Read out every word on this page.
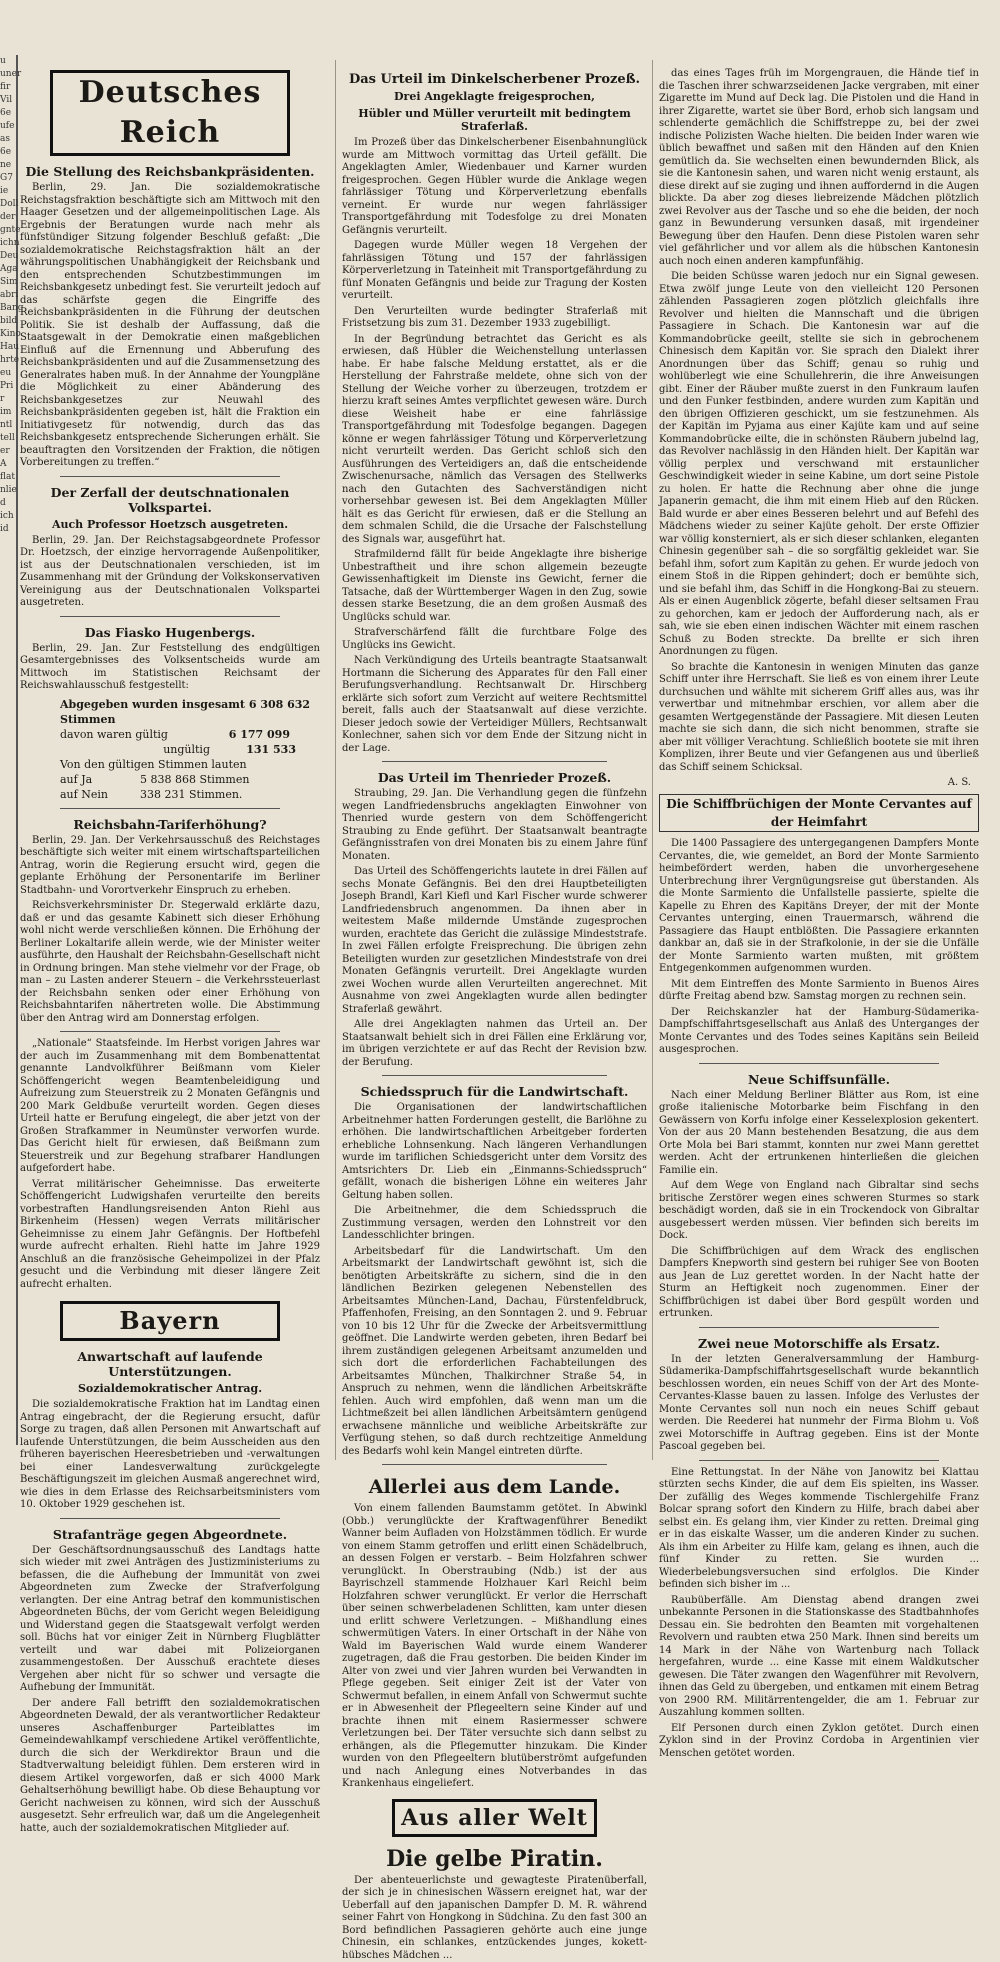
u
uner
fir
Vil
6e
ufe
as
6e
ne
G7
ie
Doll
der
gnte
ichn
Deu
Aga
Sim
abri
Bang
bild
Kino
Hau
hrte
eu
Pri
r im
ntl
tell
er
A
flat
nlie
d
ich
id
Deutsches Reich
Die Stellung des Reichsbankpräsidenten.

Berlin, 29. Jan. Die sozialdemokratische Reichstagsfraktion beschäftigte sich am Mittwoch mit den Haager Gesetzen und der allgemeinpolitischen Lage. Als Ergebnis der Beratungen wurde nach mehr als fünfstündiger Sitzung folgender Beschluß gefaßt: „Die sozialdemokratische Reichstagsfraktion hält an der währungspolitischen Unabhängigkeit der Reichsbank und den entsprechenden Schutzbestimmungen im Reichsbankgesetz unbedingt fest. Sie verurteilt jedoch auf das schärfste gegen die Eingriffe des Reichsbankpräsidenten in die Führung der deutschen Politik. Sie ist deshalb der Auffassung, daß die Staatsgewalt in der Demokratie einen maßgeblichen Einfluß auf die Ernennung und Abberufung des Reichsbankpräsidenten und auf die Zusammensetzung des Generalrates haben muß. In der Annahme der Youngpläne die Möglichkeit zu einer Abänderung des Reichsbankgesetzes zur Neuwahl des Reichsbankpräsidenten gegeben ist, hält die Fraktion ein Initiativgesetz für notwendig, durch das das Reichsbankgesetz entsprechende Sicherungen erhält. Sie beauftragten den Vorsitzenden der Fraktion, die nötigen Vorbereitungen zu treffen.“

Der Zerfall der deutschnationalen Volkspartei.
Auch Professor Hoetzsch ausgetreten.

Berlin, 29. Jan. Der Reichstagsabgeordnete Professor Dr. Hoetzsch, der einzige hervorragende Außenpolitiker, ist aus der Deutschnationalen verschieden, ist im Zusammenhang mit der Gründung der Volkskonservativen Vereinigung aus der Deutschnationalen Volkspartei ausgetreten.

Das Fiasko Hugenbergs.

Berlin, 29. Jan. Zur Feststellung des endgültigen Gesamtergebnisses des Volksentscheids wurde am Mittwoch im Statistischen Reichsamt der Reichswahlausschuß festgestellt:

Abgegeben wurden insgesamt 6 308 632 Stimmen
davon waren gültig	6 177 099
ungültig	131 533
Von den gültigen Stimmen lauten
auf Ja	5 838 868 Stimmen
auf Nein	338 231 Stimmen.
Reichsbahn-Tariferhöhung?

Berlin, 29. Jan. Der Verkehrsausschuß des Reichstages beschäftigte sich weiter mit einem wirtschaftsparteilichen Antrag, worin die Regierung ersucht wird, gegen die geplante Erhöhung der Personentarife im Berliner Stadtbahn- und Vorortverkehr Einspruch zu erheben.

Reichsverkehrsminister Dr. Stegerwald erklärte dazu, daß er und das gesamte Kabinett sich dieser Erhöhung wohl nicht werde verschließen können. Die Erhöhung der Berliner Lokaltarife allein werde, wie der Minister weiter ausführte, den Haushalt der Reichsbahn-Gesellschaft nicht in Ordnung bringen. Man stehe vielmehr vor der Frage, ob man – zu Lasten anderer Steuern – die Verkehrssteuerlast der Reichsbahn senken oder einer Erhöhung von Reichsbahntarifen nähertreten wolle. Die Abstimmung über den Antrag wird am Donnerstag erfolgen.

„Nationale“ Staatsfeinde. Im Herbst vorigen Jahres war der auch im Zusammenhang mit dem Bombenattentat genannte Landvolkführer Beißmann vom Kieler Schöffengericht wegen Beamtenbeleidigung und Aufreizung zum Steuerstreik zu 2 Monaten Gefängnis und 200 Mark Geldbuße verurteilt worden. Gegen dieses Urteil hatte er Berufung eingelegt, die aber jetzt von der Großen Strafkammer in Neumünster verworfen wurde. Das Gericht hielt für erwiesen, daß Beißmann zum Steuerstreik und zur Begehung strafbarer Handlungen aufgefordert habe.

Verrat militärischer Geheimnisse. Das erweiterte Schöffengericht Ludwigshafen verurteilte den bereits vorbestraften Handlungsreisenden Anton Riehl aus Birkenheim (Hessen) wegen Verrats militärischer Geheimnisse zu einem Jahr Gefängnis. Der Hoftbefehl wurde aufrecht erhalten. Riehl hatte im Jahre 1929 Anschluß an die französische Geheimpolizei in der Pfalz gesucht und die Verbindung mit dieser längere Zeit aufrecht erhalten.

Bayern
Anwartschaft auf laufende Unterstützungen.
Sozialdemokratischer Antrag.

Die sozialdemokratische Fraktion hat im Landtag einen Antrag eingebracht, der die Regierung ersucht, dafür Sorge zu tragen, daß allen Personen mit Anwartschaft auf laufende Unterstützungen, die beim Ausscheiden aus den früheren bayerischen Heeresbetrieben und -verwaltungen bei einer Landesverwaltung zurückgelegte Beschäftigungszeit im gleichen Ausmaß angerechnet wird, wie dies in dem Erlasse des Reichsarbeitsministers vom 10. Oktober 1929 geschehen ist.

Strafanträge gegen Abgeordnete.

Der Geschäftsordnungsausschuß des Landtags hatte sich wieder mit zwei Anträgen des Justizministeriums zu befassen, die die Aufhebung der Immunität von zwei Abgeordneten zum Zwecke der Strafverfolgung verlangten. Der eine Antrag betraf den kommunistischen Abgeordneten Büchs, der vom Gericht wegen Beleidigung und Widerstand gegen die Staatsgewalt verfolgt werden soll. Büchs hat vor einiger Zeit in Nürnberg Flugblätter verteilt und war dabei mit Polizeiorganen zusammengestoßen. Der Ausschuß erachtete dieses Vergehen aber nicht für so schwer und versagte die Aufhebung der Immunität.

Der andere Fall betrifft den sozialdemokratischen Abgeordneten Dewald, der als verantwortlicher Redakteur unseres Aschaffenburger Parteiblattes im Gemeindewahlkampf verschiedene Artikel veröffentlichte, durch die sich der Werkdirektor Braun und die Stadtverwaltung beleidigt fühlen. Dem ersteren wird in diesem Artikel vorgeworfen, daß er sich 4000 Mark Gehaltserhöhung bewilligt habe. Ob diese Behauptung vor Gericht nachweisen zu können, wird sich der Ausschuß ausgesetzt. Sehr erfreulich war, daß um die Angelegenheit hatte, auch der sozialdemokratischen Mitglieder auf.

Das Urteil im Dinkelscherbener Prozeß.
Drei Angeklagte freigesprochen,
Hübler und Müller verurteilt mit bedingtem Straferlaß.

Im Prozeß über das Dinkelscherbener Eisenbahnunglück wurde am Mittwoch vormittag das Urteil gefällt. Die Angeklagten Amler, Wiedenbauer und Karner wurden freigesprochen. Gegen Hübler wurde die Anklage wegen fahrlässiger Tötung und Körperverletzung ebenfalls verneint. Er wurde nur wegen fahrlässiger Transportgefährdung mit Todesfolge zu drei Monaten Gefängnis verurteilt.

Dagegen wurde Müller wegen 18 Vergehen der fahrlässigen Tötung und 157 der fahrlässigen Körperverletzung in Tateinheit mit Transportgefährdung zu fünf Monaten Gefängnis und beide zur Tragung der Kosten verurteilt.

Den Verurteilten wurde bedingter Straferlaß mit Fristsetzung bis zum 31. Dezember 1933 zugebilligt.

In der Begründung betrachtet das Gericht es als erwiesen, daß Hübler die Weichenstellung unterlassen habe. Er habe falsche Meldung erstattet, als er die Herstellung der Fahrstraße meldete, ohne sich von der Stellung der Weiche vorher zu überzeugen, trotzdem er hierzu kraft seines Amtes verpflichtet gewesen wäre. Durch diese Weisheit habe er eine fahrlässige Transportgefährdung mit Todesfolge begangen. Dagegen könne er wegen fahrlässiger Tötung und Körperverletzung nicht verurteilt werden. Das Gericht schloß sich den Ausführungen des Verteidigers an, daß die entscheidende Zwischenursache, nämlich das Versagen des Stellwerks nach den Gutachten des Sachverständigen nicht vorhersehbar gewesen ist. Bei dem Angeklagten Müller hält es das Gericht für erwiesen, daß er die Stellung an dem schmalen Schild, die die Ursache der Falschstellung des Signals war, ausgeführt hat.

Strafmildernd fällt für beide Angeklagte ihre bisherige Unbestraftheit und ihre schon allgemein bezeugte Gewissenhaftigkeit im Dienste ins Gewicht, ferner die Tatsache, daß der Württemberger Wagen in den Zug, sowie dessen starke Besetzung, die an dem großen Ausmaß des Unglücks schuld war.

Strafverschärfend fällt die furchtbare Folge des Unglücks ins Gewicht.

Nach Verkündigung des Urteils beantragte Staatsanwalt Hortmann die Sicherung des Apparates für den Fall einer Berufungsverhandlung. Rechtsanwalt Dr. Hirschberg erklärte sich sofort zum Verzicht auf weitere Rechtsmittel bereit, falls auch der Staatsanwalt auf diese verzichte. Dieser jedoch sowie der Verteidiger Müllers, Rechtsanwalt Konlechner, sahen sich vor dem Ende der Sitzung nicht in der Lage.

Das Urteil im Thenrieder Prozeß.

Straubing, 29. Jan. Die Verhandlung gegen die fünfzehn wegen Landfriedensbruchs angeklagten Einwohner von Thenried wurde gestern von dem Schöffengericht Straubing zu Ende geführt. Der Staatsanwalt beantragte Gefängnisstrafen von drei Monaten bis zu einem Jahre fünf Monaten.

Das Urteil des Schöffengerichts lautete in drei Fällen auf sechs Monate Gefängnis. Bei den drei Hauptbeteiligten Joseph Brandl, Karl Kiefl und Karl Fischer wurde schwerer Landfriedensbruch angenommen. Da ihnen aber in weitestem Maße mildernde Umstände zugesprochen wurden, erachtete das Gericht die zulässige Mindeststrafe. In zwei Fällen erfolgte Freisprechung. Die übrigen zehn Beteiligten wurden zur gesetzlichen Mindeststrafe von drei Monaten Gefängnis verurteilt. Drei Angeklagte wurden zwei Wochen wurde allen Verurteilten angerechnet. Mit Ausnahme von zwei Angeklagten wurde allen bedingter Straferlaß gewährt.

Alle drei Angeklagten nahmen das Urteil an. Der Staatsanwalt behielt sich in drei Fällen eine Erklärung vor, im übrigen verzichtete er auf das Recht der Revision bzw. der Berufung.

Schiedsspruch für die Landwirtschaft.

Die Organisationen der landwirtschaftlichen Arbeitnehmer hatten Forderungen gestellt, die Barlöhne zu erhöhen. Die landwirtschaftlichen Arbeitgeber forderten erhebliche Lohnsenkung. Nach längeren Verhandlungen wurde im tariflichen Schiedsgericht unter dem Vorsitz des Amtsrichters Dr. Lieb ein „Einmanns-Schiedsspruch“ gefällt, wonach die bisherigen Löhne ein weiteres Jahr Geltung haben sollen.

Die Arbeitnehmer, die dem Schiedsspruch die Zustimmung versagen, werden den Lohnstreit vor den Landesschlichter bringen.

Arbeitsbedarf für die Landwirtschaft. Um den Arbeitsmarkt der Landwirtschaft gewöhnt ist, sich die benötigten Arbeitskräfte zu sichern, sind die in den ländlichen Bezirken gelegenen Nebenstellen des Arbeitsamtes München-Land, Dachau, Fürstenfeldbruck, Pfaffenhofen, Freising, an den Sonntagen 2. und 9. Februar von 10 bis 12 Uhr für die Zwecke der Arbeitsvermittlung geöffnet. Die Landwirte werden gebeten, ihren Bedarf bei ihrem zuständigen gelegenen Arbeitsamt anzumelden und sich dort die erforderlichen Fachabteilungen des Arbeitsamtes München, Thalkirchner Straße 54, in Anspruch zu nehmen, wenn die ländlichen Arbeitskräfte fehlen. Auch wird empfohlen, daß wenn man um die Lichtmeßzeit bei allen ländlichen Arbeitsämtern genügend erwachsene männliche und weibliche Arbeitskräfte zur Verfügung stehen, so daß durch rechtzeitige Anmeldung des Bedarfs wohl kein Mangel eintreten dürfte.

Allerlei aus dem Lande.

Von einem fallenden Baumstamm getötet. In Abwinkl (Obb.) verunglückte der Kraftwagenführer Benedikt Wanner beim Aufladen von Holzstämmen tödlich. Er wurde von einem Stamm getroffen und erlitt einen Schädelbruch, an dessen Folgen er verstarb. – Beim Holzfahren schwer verunglückt. In Oberstraubing (Ndb.) ist der aus Bayrischzell stammende Holzhauer Karl Reichl beim Holzfahren schwer verunglückt. Er verlor die Herrschaft über seinen schwerbeladenen Schlitten, kam unter diesen und erlitt schwere Verletzungen. – Mißhandlung eines schwermütigen Vaters. In einer Ortschaft in der Nähe von Wald im Bayerischen Wald wurde einem Wanderer zugetragen, daß die Frau gestorben. Die beiden Kinder im Alter von zwei und vier Jahren wurden bei Verwandten in Pflege gegeben. Seit einiger Zeit ist der Vater von Schwermut befallen, in einem Anfall von Schwermut suchte er in Abwesenheit der Pflegeeltern seine Kinder auf und brachte ihnen mit einem Rasiermesser schwere Verletzungen bei. Der Täter versuchte sich dann selbst zu erhängen, als die Pflegemutter hinzukam. Die Kinder wurden von den Pflegeeltern blutüberströmt aufgefunden und nach Anlegung eines Notverbandes in das Krankenhaus eingeliefert.

Aus aller Welt
Die gelbe Piratin.

Der abenteuerlichste und gewagteste Piratenüberfall, der sich je in chinesischen Wässern ereignet hat, war der Ueberfall auf den japanischen Dampfer D. M. R. während seiner Fahrt von Hongkong in Südchina. Zu den fast 300 an Bord befindlichen Passagieren gehörte auch eine junge Chinesin, ein schlankes, entzückendes junges, kokett-hübsches Mädchen ...

das eines Tages früh im Morgengrauen, die Hände tief in die Taschen ihrer schwarzseidenen Jacke vergraben, mit einer Zigarette im Mund auf Deck lag. Die Pistolen und die Hand in ihrer Zigarette, wartet sie über Bord, erhob sich langsam und schlenderte gemächlich die Schiffstreppe zu, bei der zwei indische Polizisten Wache hielten. Die beiden Inder waren wie üblich bewaffnet und saßen mit den Händen auf den Knien gemütlich da. Sie wechselten einen bewundernden Blick, als sie die Kantonesin sahen, und waren nicht wenig erstaunt, als diese direkt auf sie zuging und ihnen auffordernd in die Augen blickte. Da aber zog dieses liebreizende Mädchen plötzlich zwei Revolver aus der Tasche und so ehe die beiden, der noch ganz in Bewunderung versunken dasaß, mit irgendeiner Bewegung über den Haufen. Denn diese Pistolen waren sehr viel gefährlicher und vor allem als die hübschen Kantonesin auch noch einen anderen kampfunfähig.

Die beiden Schüsse waren jedoch nur ein Signal gewesen. Etwa zwölf junge Leute von den vielleicht 120 Personen zählenden Passagieren zogen plötzlich gleichfalls ihre Revolver und hielten die Mannschaft und die übrigen Passagiere in Schach. Die Kantonesin war auf die Kommandobrücke geeilt, stellte sie sich in gebrochenem Chinesisch dem Kapitän vor. Sie sprach den Dialekt ihrer Anordnungen über das Schiff; genau so ruhig und wohlüberlegt wie eine Schullehrerin, die ihre Anweisungen gibt. Einer der Räuber mußte zuerst in den Funkraum laufen und den Funker festbinden, andere wurden zum Kapitän und den übrigen Offizieren geschickt, um sie festzunehmen. Als der Kapitän im Pyjama aus einer Kajüte kam und auf seine Kommandobrücke eilte, die in schönsten Räubern jubelnd lag, das Revolver nachlässig in den Händen hielt. Der Kapitän war völlig perplex und verschwand mit erstaunlicher Geschwindigkeit wieder in seine Kabine, um dort seine Pistole zu holen. Er hatte die Rechnung aber ohne die junge Japanerin gemacht, die ihm mit einem Hieb auf den Rücken. Bald wurde er aber eines Besseren belehrt und auf Befehl des Mädchens wieder zu seiner Kajüte geholt. Der erste Offizier war völlig konsterniert, als er sich dieser schlanken, eleganten Chinesin gegenüber sah – die so sorgfältig gekleidet war. Sie befahl ihm, sofort zum Kapitän zu gehen. Er wurde jedoch von einem Stoß in die Rippen gehindert; doch er bemühte sich, und sie befahl ihm, das Schiff in die Hongkong-Bai zu steuern. Als er einen Augenblick zögerte, befahl dieser seltsamen Frau zu gehorchen, kam er jedoch der Aufforderung nach, als er sah, wie sie eben einen indischen Wächter mit einem raschen Schuß zu Boden streckte. Da brellte er sich ihren Anordnungen zu fügen.

So brachte die Kantonesin in wenigen Minuten das ganze Schiff unter ihre Herrschaft. Sie ließ es von einem ihrer Leute durchsuchen und wählte mit sicherem Griff alles aus, was ihr verwertbar und mitnehmbar erschien, vor allem aber die gesamten Wertgegenstände der Passagiere. Mit diesen Leuten machte sie sich dann, die sich nicht benommen, strafte sie aber mit völliger Verachtung. Schließlich bootete sie mit ihren Komplizen, ihrer Beute und vier Gefangenen aus und überließ das Schiff seinem Schicksal.

A. S.
Die Schiffbrüchigen der Monte Cervantes auf der Heimfahrt

Die 1400 Passagiere des untergegangenen Dampfers Monte Cervantes, die, wie gemeldet, an Bord der Monte Sarmiento heimbefördert werden, haben die unvorhergesehene Unterbrechung ihrer Vergnügungsreise gut überstanden. Als die Monte Sarmiento die Unfallstelle passierte, spielte die Kapelle zu Ehren des Kapitäns Dreyer, der mit der Monte Cervantes unterging, einen Trauermarsch, während die Passagiere das Haupt entblößten. Die Passagiere erkannten dankbar an, daß sie in der Strafkolonie, in der sie die Unfälle der Monte Sarmiento warten mußten, mit größtem Entgegenkommen aufgenommen wurden.

Mit dem Eintreffen des Monte Sarmiento in Buenos Aires dürfte Freitag abend bzw. Samstag morgen zu rechnen sein.

Der Reichskanzler hat der Hamburg-Südamerika-Dampfschiffahrtsgesellschaft aus Anlaß des Unterganges der Monte Cervantes und des Todes seines Kapitäns sein Beileid ausgesprochen.

Neue Schiffsunfälle.

Nach einer Meldung Berliner Blätter aus Rom, ist eine große italienische Motorbarke beim Fischfang in den Gewässern von Korfu infolge einer Kesselexplosion gekentert. Von der aus 20 Mann bestehenden Besatzung, die aus dem Orte Mola bei Bari stammt, konnten nur zwei Mann gerettet werden. Acht der ertrunkenen hinterließen die gleichen Familie ein.

Auf dem Wege von England nach Gibraltar sind sechs britische Zerstörer wegen eines schweren Sturmes so stark beschädigt worden, daß sie in ein Trockendock von Gibraltar ausgebessert werden müssen. Vier befinden sich bereits im Dock.

Die Schiffbrüchigen auf dem Wrack des englischen Dampfers Knepworth sind gestern bei ruhiger See von Booten aus Jean de Luz gerettet worden. In der Nacht hatte der Sturm an Heftigkeit noch zugenommen. Einer der Schiffbrüchigen ist dabei über Bord gespült worden und ertrunken.

Zwei neue Motorschiffe als Ersatz.

In der letzten Generalversammlung der Hamburg-Südamerika-Dampfschiffahrtsgesellschaft wurde bekanntlich beschlossen worden, ein neues Schiff von der Art des Monte-Cervantes-Klasse bauen zu lassen. Infolge des Verlustes der Monte Cervantes soll nun noch ein neues Schiff gebaut werden. Die Reederei hat nunmehr der Firma Blohm u. Voß zwei Motorschiffe in Auftrag gegeben. Eins ist der Monte Pascoal gegeben bei.

Eine Rettungstat. In der Nähe von Janowitz bei Klattau stürzten sechs Kinder, die auf dem Eis spielten, ins Wasser. Der zufällig des Weges kommende Tischlergehilfe Franz Bolcar sprang sofort den Kindern zu Hilfe, brach dabei aber selbst ein. Es gelang ihm, vier Kinder zu retten. Dreimal ging er in das eiskalte Wasser, um die anderen Kinder zu suchen. Als ihm ein Arbeiter zu Hilfe kam, gelang es ihnen, auch die fünf Kinder zu retten. Sie wurden ... Wiederbelebungsversuchen sind erfolglos. Die Kinder befinden sich bisher im ...

Raubüberfälle. Am Dienstag abend drangen zwei unbekannte Personen in die Stationskasse des Stadtbahnhofes Dessau ein. Sie bedrohten den Beamten mit vorgehaltenen Revolvern und raubten etwa 250 Mark. Ihnen sind bereits um 14 Mark in der Nähe von Wartenburg nach Tollack hergefahren, wurde ... eine Kasse mit einem Waldkutscher gewesen. Die Täter zwangen den Wagenführer mit Revolvern, ihnen das Geld zu übergeben, und entkamen mit einem Betrag von 2900 RM. Militärrentengelder, die am 1. Februar zur Auszahlung kommen sollten.

Elf Personen durch einen Zyklon getötet. Durch einen Zyklon sind in der Provinz Cordoba in Argentinien vier Menschen getötet worden.
